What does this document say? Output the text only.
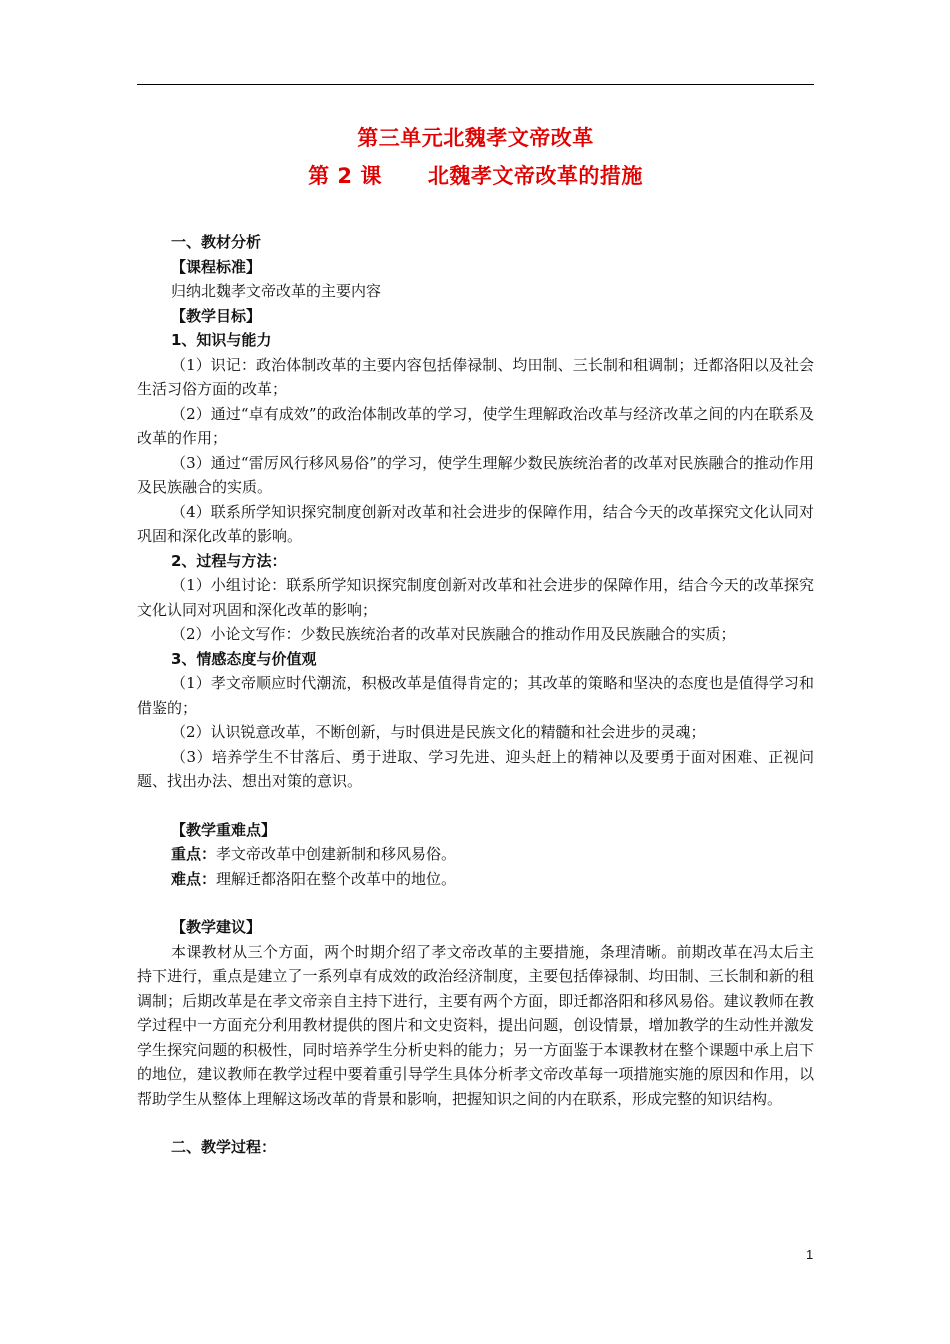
第三单元北魏孝文帝改革
第 2 课 北魏孝文帝改革的措施

一、教材分析

【课程标准】

归纳北魏孝文帝改革的主要内容

【教学目标】

1、知识与能力

（1）识记：政治体制改革的主要内容包括俸禄制、均田制、三长制和租调制；迁都洛阳以及社会生活习俗方面的改革；

（2）通过“卓有成效”的政治体制改革的学习，使学生理解政治改革与经济改革之间的内在联系及改革的作用；

（3）通过“雷厉风行移风易俗”的学习，使学生理解少数民族统治者的改革对民族融合的推动作用及民族融合的实质。

（4）联系所学知识探究制度创新对改革和社会进步的保障作用，结合今天的改革探究文化认同对巩固和深化改革的影响。

2、过程与方法：

（1）小组讨论：联系所学知识探究制度创新对改革和社会进步的保障作用，结合今天的改革探究文化认同对巩固和深化改革的影响；

（2）小论文写作：少数民族统治者的改革对民族融合的推动作用及民族融合的实质；

3、情感态度与价值观

（1）孝文帝顺应时代潮流，积极改革是值得肯定的；其改革的策略和坚决的态度也是值得学习和借鉴的；

（2）认识锐意改革，不断创新，与时俱进是民族文化的精髓和社会进步的灵魂；

（3）培养学生不甘落后、勇于进取、学习先进、迎头赶上的精神以及要勇于面对困难、正视问题、找出办法、想出对策的意识。

【教学重难点】

重点：孝文帝改革中创建新制和移风易俗。

难点：理解迁都洛阳在整个改革中的地位。

【教学建议】

本课教材从三个方面，两个时期介绍了孝文帝改革的主要措施，条理清晰。前期改革在冯太后主持下进行，重点是建立了一系列卓有成效的政治经济制度，主要包括俸禄制、均田制、三长制和新的租调制；后期改革是在孝文帝亲自主持下进行，主要有两个方面，即迁都洛阳和移风易俗。建议教师在教学过程中一方面充分利用教材提供的图片和文史资料，提出问题，创设情景，增加教学的生动性并激发学生探究问题的积极性，同时培养学生分析史料的能力；另一方面鉴于本课教材在整个课题中承上启下的地位，建议教师在教学过程中要着重引导学生具体分析孝文帝改革每一项措施实施的原因和作用，以帮助学生从整体上理解这场改革的背景和影响，把握知识之间的内在联系，形成完整的知识结构。

二、教学过程：

1
